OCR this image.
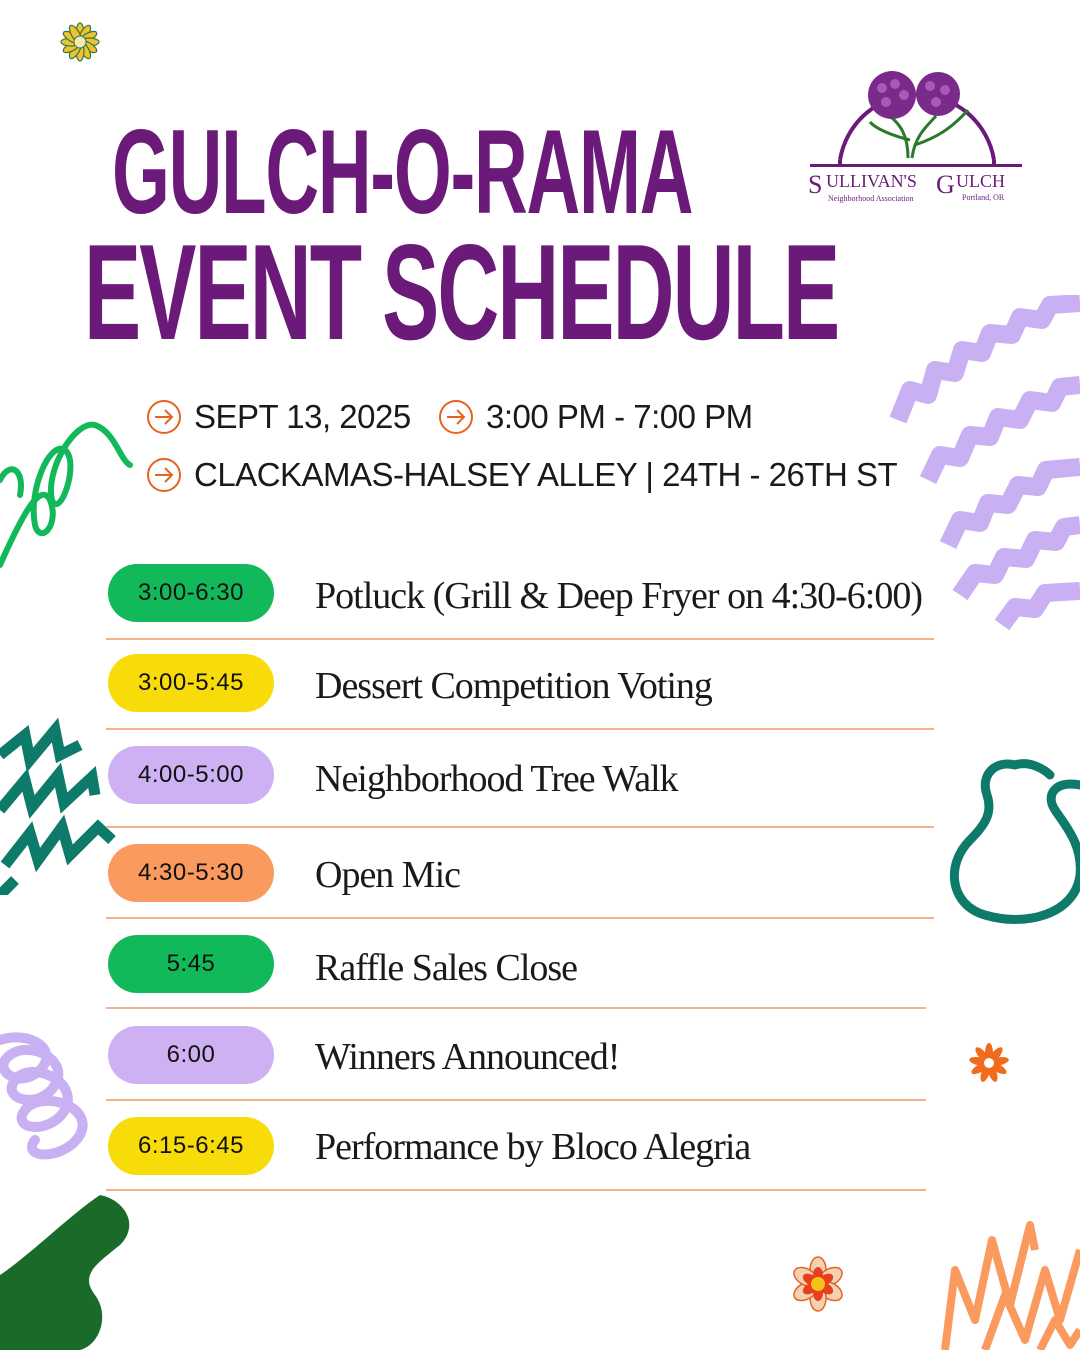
S ULLIVAN'S G ULCH
Neighborhood Association	Portland, OR
GULCH-O-RAMA
EVENT SCHEDULE
SEPT 13, 2025 3:00 PM - 7:00 PM
CLACKAMAS-HALSEY ALLEY | 24TH - 26TH ST
3:00-6:30	Potluck (Grill & Deep Fryer on 4:30-6:00)
3:00-5:45	Dessert Competition Voting
4:00-5:00	Neighborhood Tree Walk
4:30-5:30	Open Mic
5:45	Raffle Sales Close
6:00	Winners Announced!
6:15-6:45	Performance by Bloco Alegria
